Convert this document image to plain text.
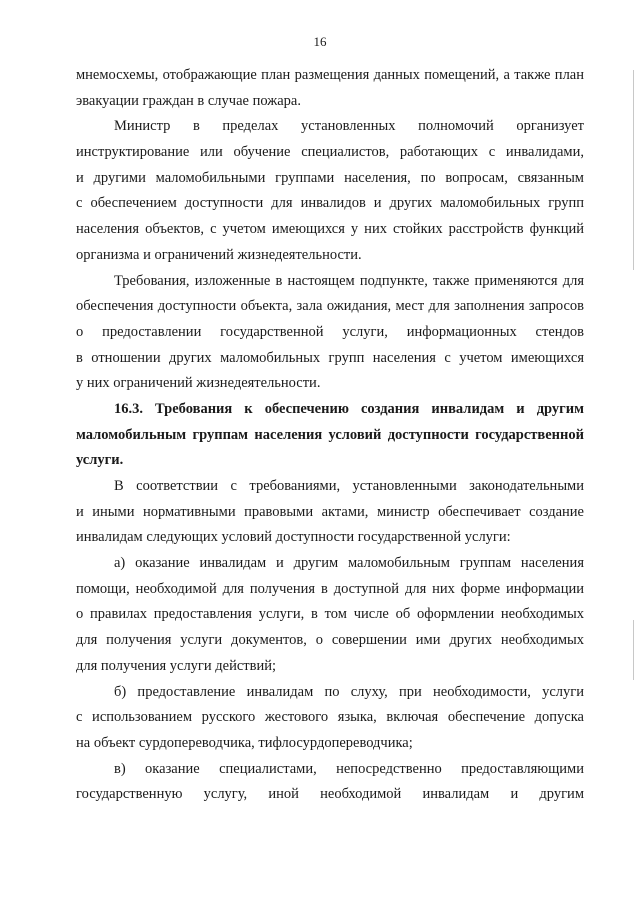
16
мнемосхемы, отображающие план размещения данных помещений, а также план
эвакуации граждан в случае пожара.
Министр в пределах установленных полномочий организует
инструктирование или обучение специалистов, работающих с инвалидами,
и другими маломобильными группами населения, по вопросам, связанным
с обеспечением доступности для инвалидов и других маломобильных групп
населения объектов, с учетом имеющихся у них стойких расстройств функций
организма и ограничений жизнедеятельности.
Требования, изложенные в настоящем подпункте, также применяются для
обеспечения доступности объекта, зала ожидания, мест для заполнения запросов
о предоставлении государственной услуги, информационных стендов
в отношении других маломобильных групп населения с учетом имеющихся
у них ограничений жизнедеятельности.
16.3. Требования к обеспечению создания инвалидам и другим
маломобильным группам населения условий доступности государственной
услуги.
В соответствии с требованиями, установленными законодательными
и иными нормативными правовыми актами, министр обеспечивает создание
инвалидам следующих условий доступности государственной услуги:
а) оказание инвалидам и другим маломобильным группам населения
помощи, необходимой для получения в доступной для них форме информации
о правилах предоставления услуги, в том числе об оформлении необходимых
для получения услуги документов, о совершении ими других необходимых
для получения услуги действий;
б) предоставление инвалидам по слуху, при необходимости, услуги
с использованием русского жестового языка, включая обеспечение допуска
на объект сурдопереводчика, тифлосурдопереводчика;
в) оказание специалистами, непосредственно предоставляющими
государственную услугу, иной необходимой инвалидам и другим
